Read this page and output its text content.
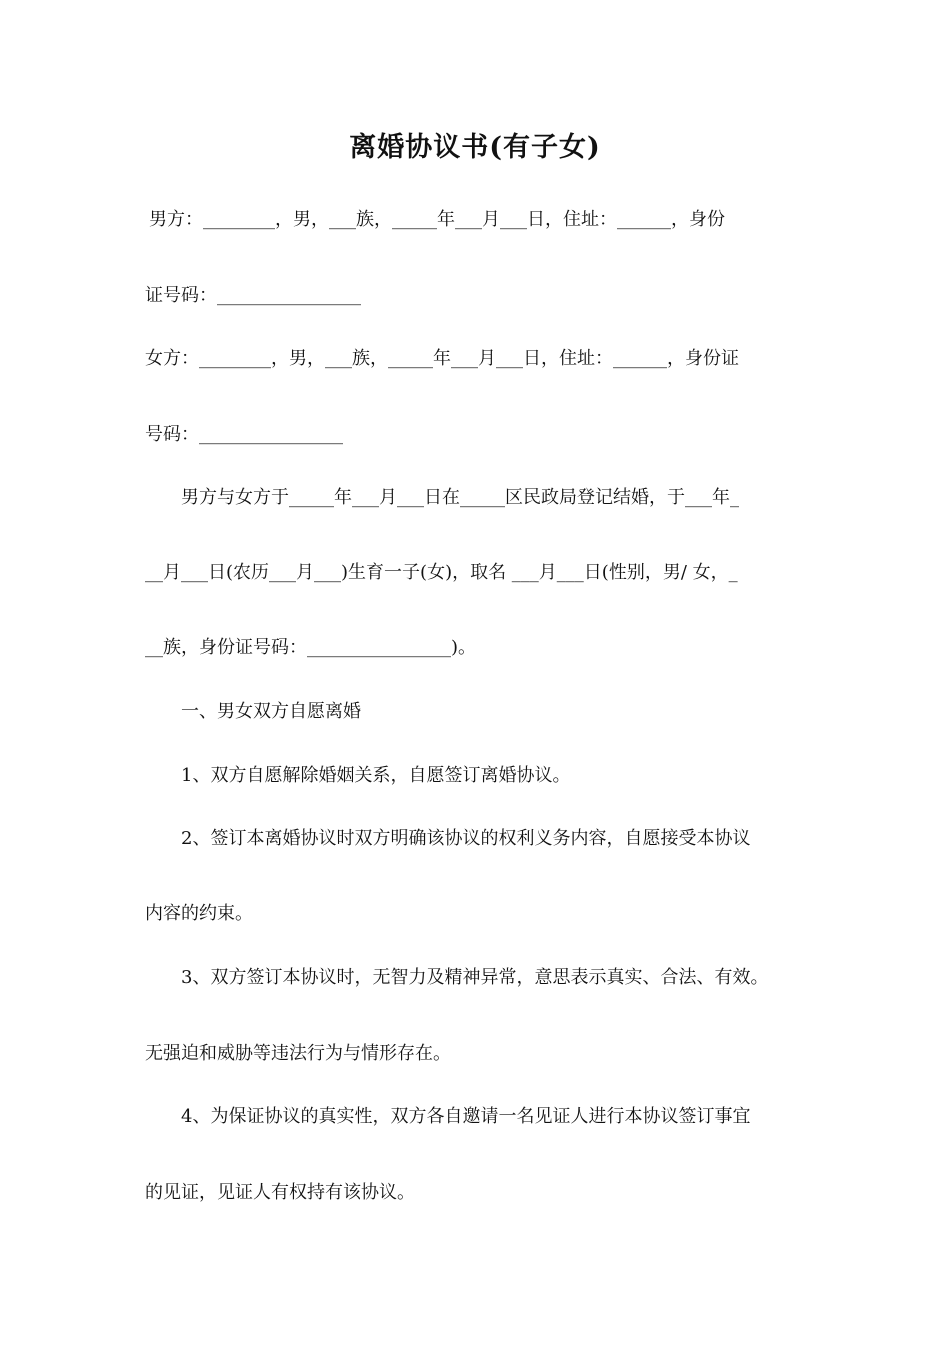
离婚协议书(有子女)
男方：________，男，___族，_____年___月___日，住址：______，身份
证号码：________________
女方：________，男，___族，_____年___月___日，住址：______，身份证
号码：________________
男方与女方于_____年___月___日在_____区民政局登记结婚，于___年_
__月___日(农历___月___)生育一子(女)，取名 ___月___日(性别，男/ 女，_
__族，身份证号码：________________)。
一、男女双方自愿离婚
1、双方自愿解除婚姻关系，自愿签订离婚协议。
2、签订本离婚协议时双方明确该协议的权利义务内容，自愿接受本协议
内容的约束。
3、双方签订本协议时，无智力及精神异常，意思表示真实、合法、有效。
无强迫和威胁等违法行为与情形存在。
4、为保证协议的真实性，双方各自邀请一名见证人进行本协议签订事宜
的见证，见证人有权持有该协议。
